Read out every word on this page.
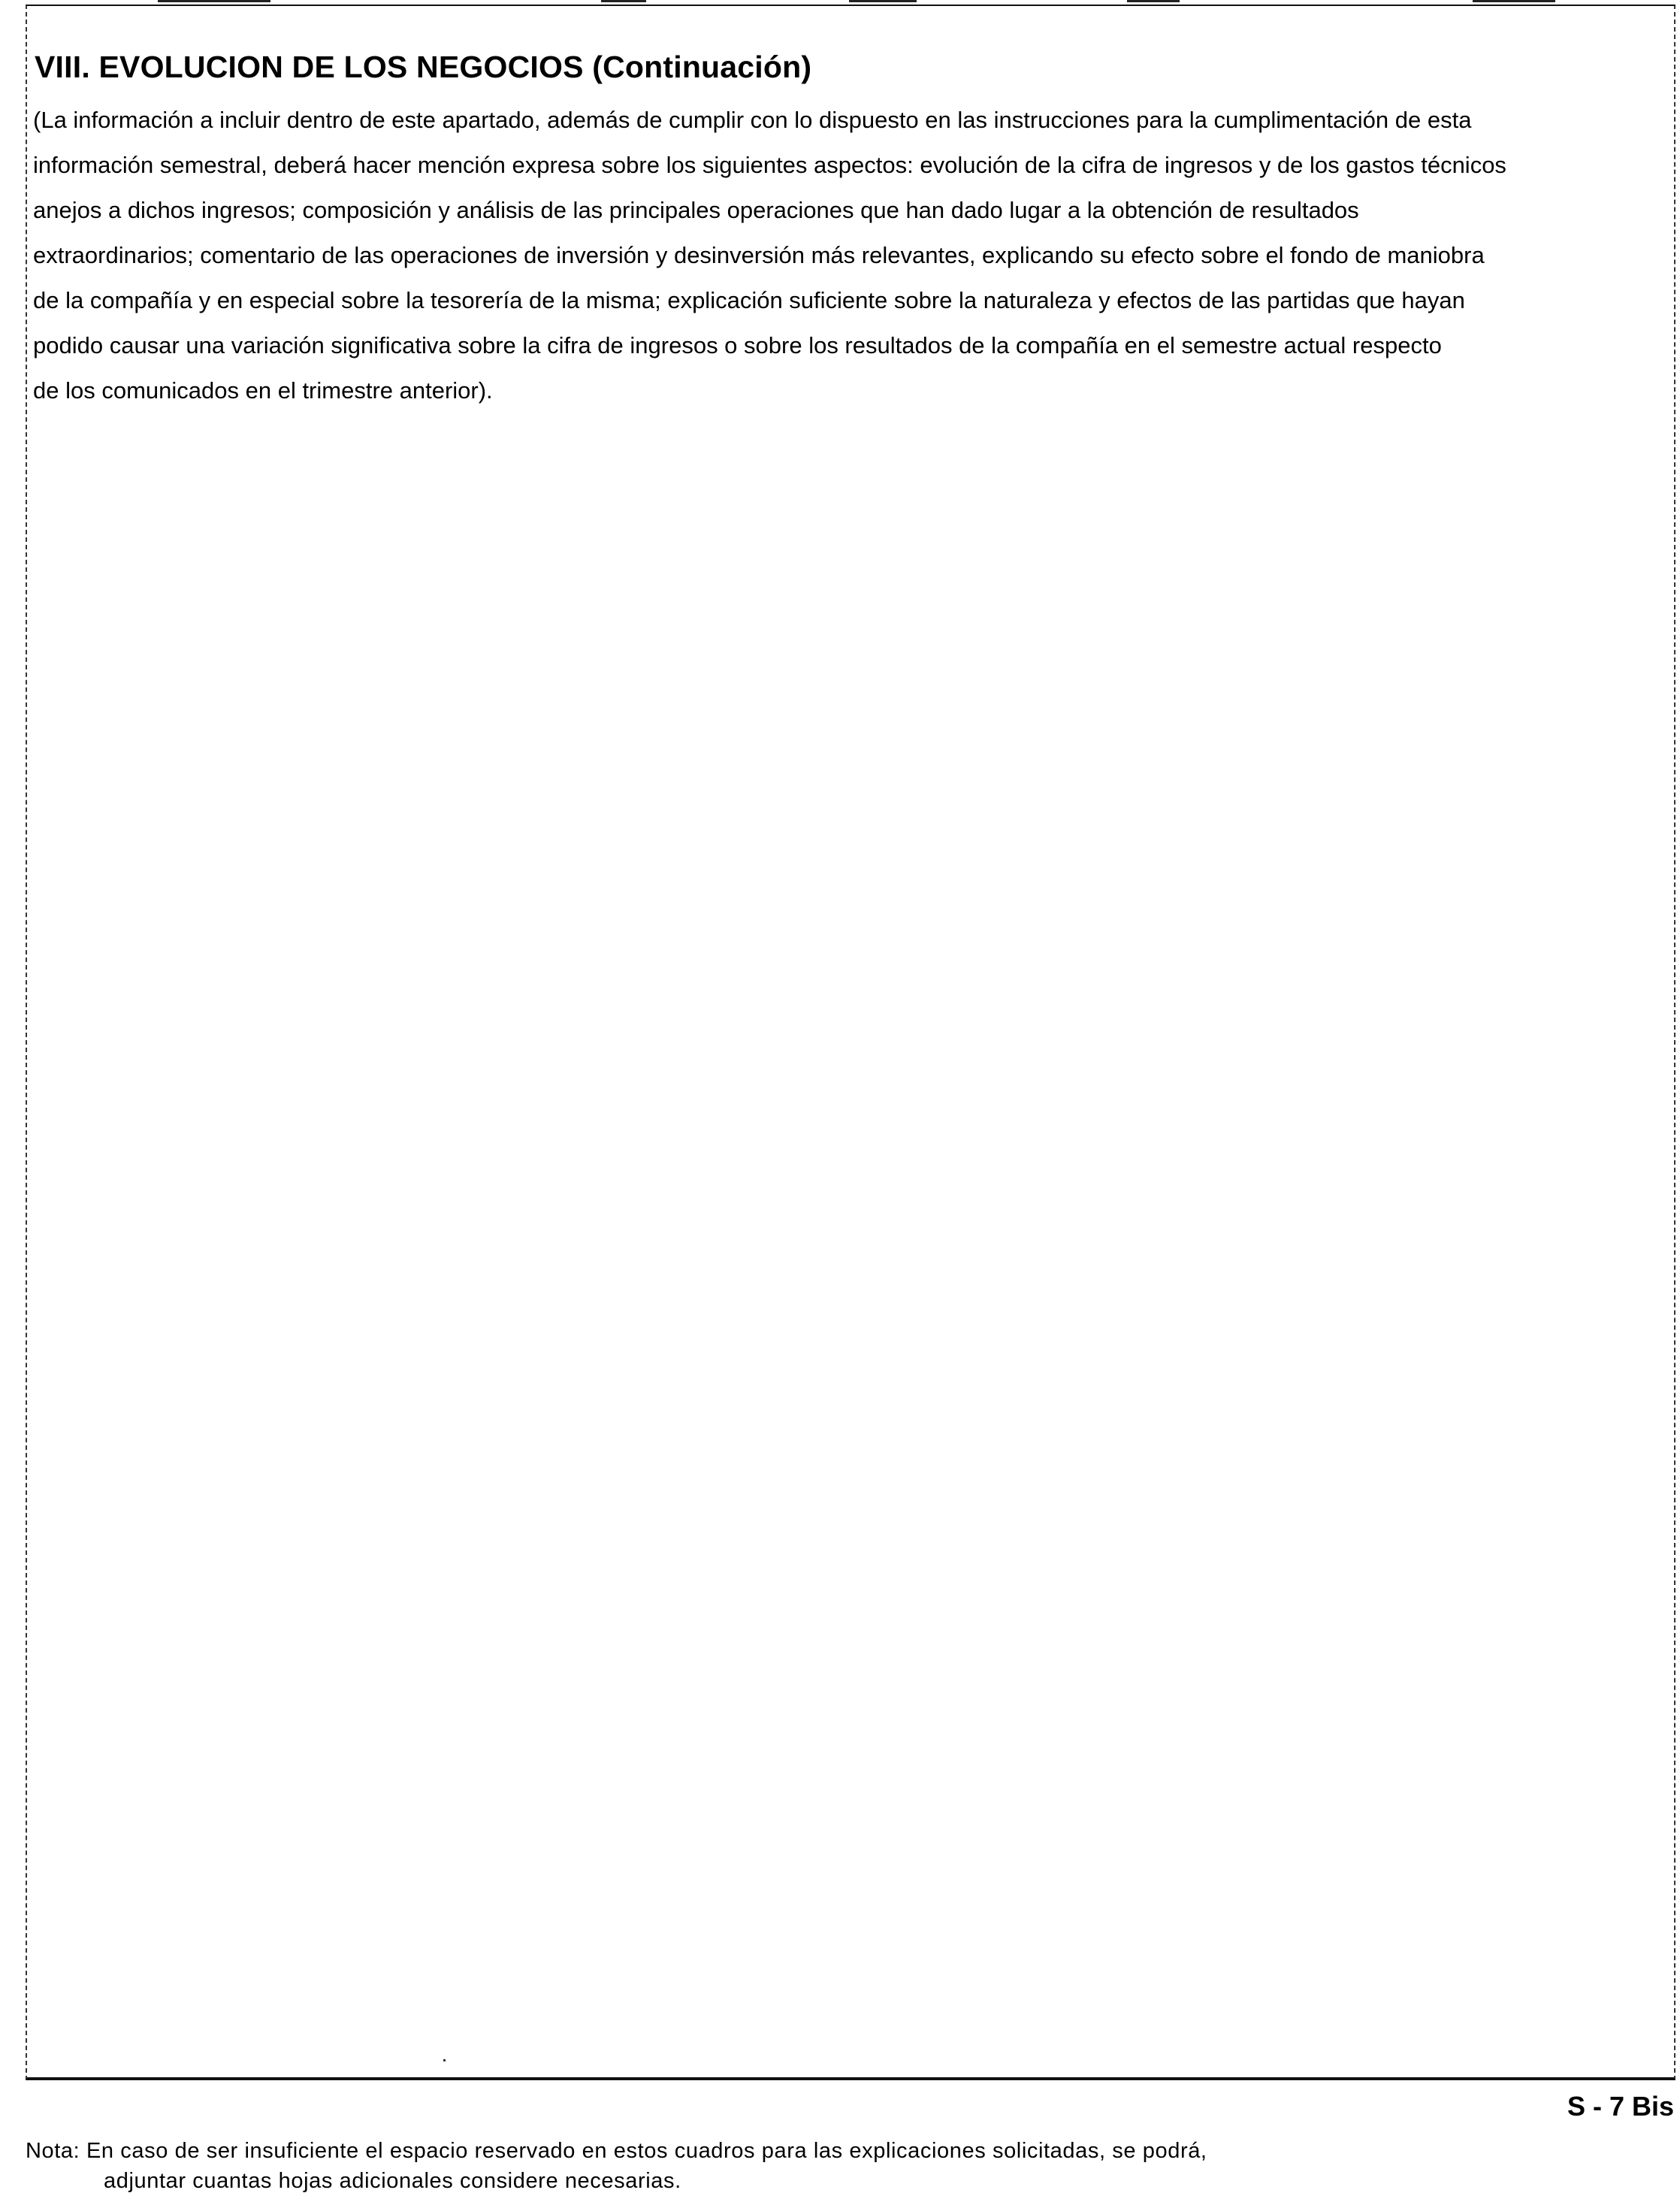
VIII. EVOLUCION DE LOS NEGOCIOS (Continuación)
(La información a incluir dentro de este apartado, además de cumplir con lo dispuesto en las instrucciones para la cumplimentación de esta
información semestral, deberá hacer mención expresa sobre los siguientes aspectos: evolución de la cifra de ingresos y de los gastos técnicos
anejos a dichos ingresos; composición y análisis de las principales operaciones que han dado lugar a la obtención de resultados
extraordinarios; comentario de las operaciones de inversión y desinversión más relevantes, explicando su efecto sobre el fondo de maniobra
de la compañía y en especial sobre la tesorería de la misma; explicación suficiente sobre la naturaleza y efectos de las partidas que hayan
podido causar una variación significativa sobre la cifra de ingresos o sobre los resultados de la compañía en el semestre actual respecto
de los comunicados en el trimestre anterior).
S - 7 Bis
Nota: En caso de ser insuficiente el espacio reservado en estos cuadros para las explicaciones solicitadas, se podrá,
adjuntar cuantas hojas adicionales considere necesarias.
